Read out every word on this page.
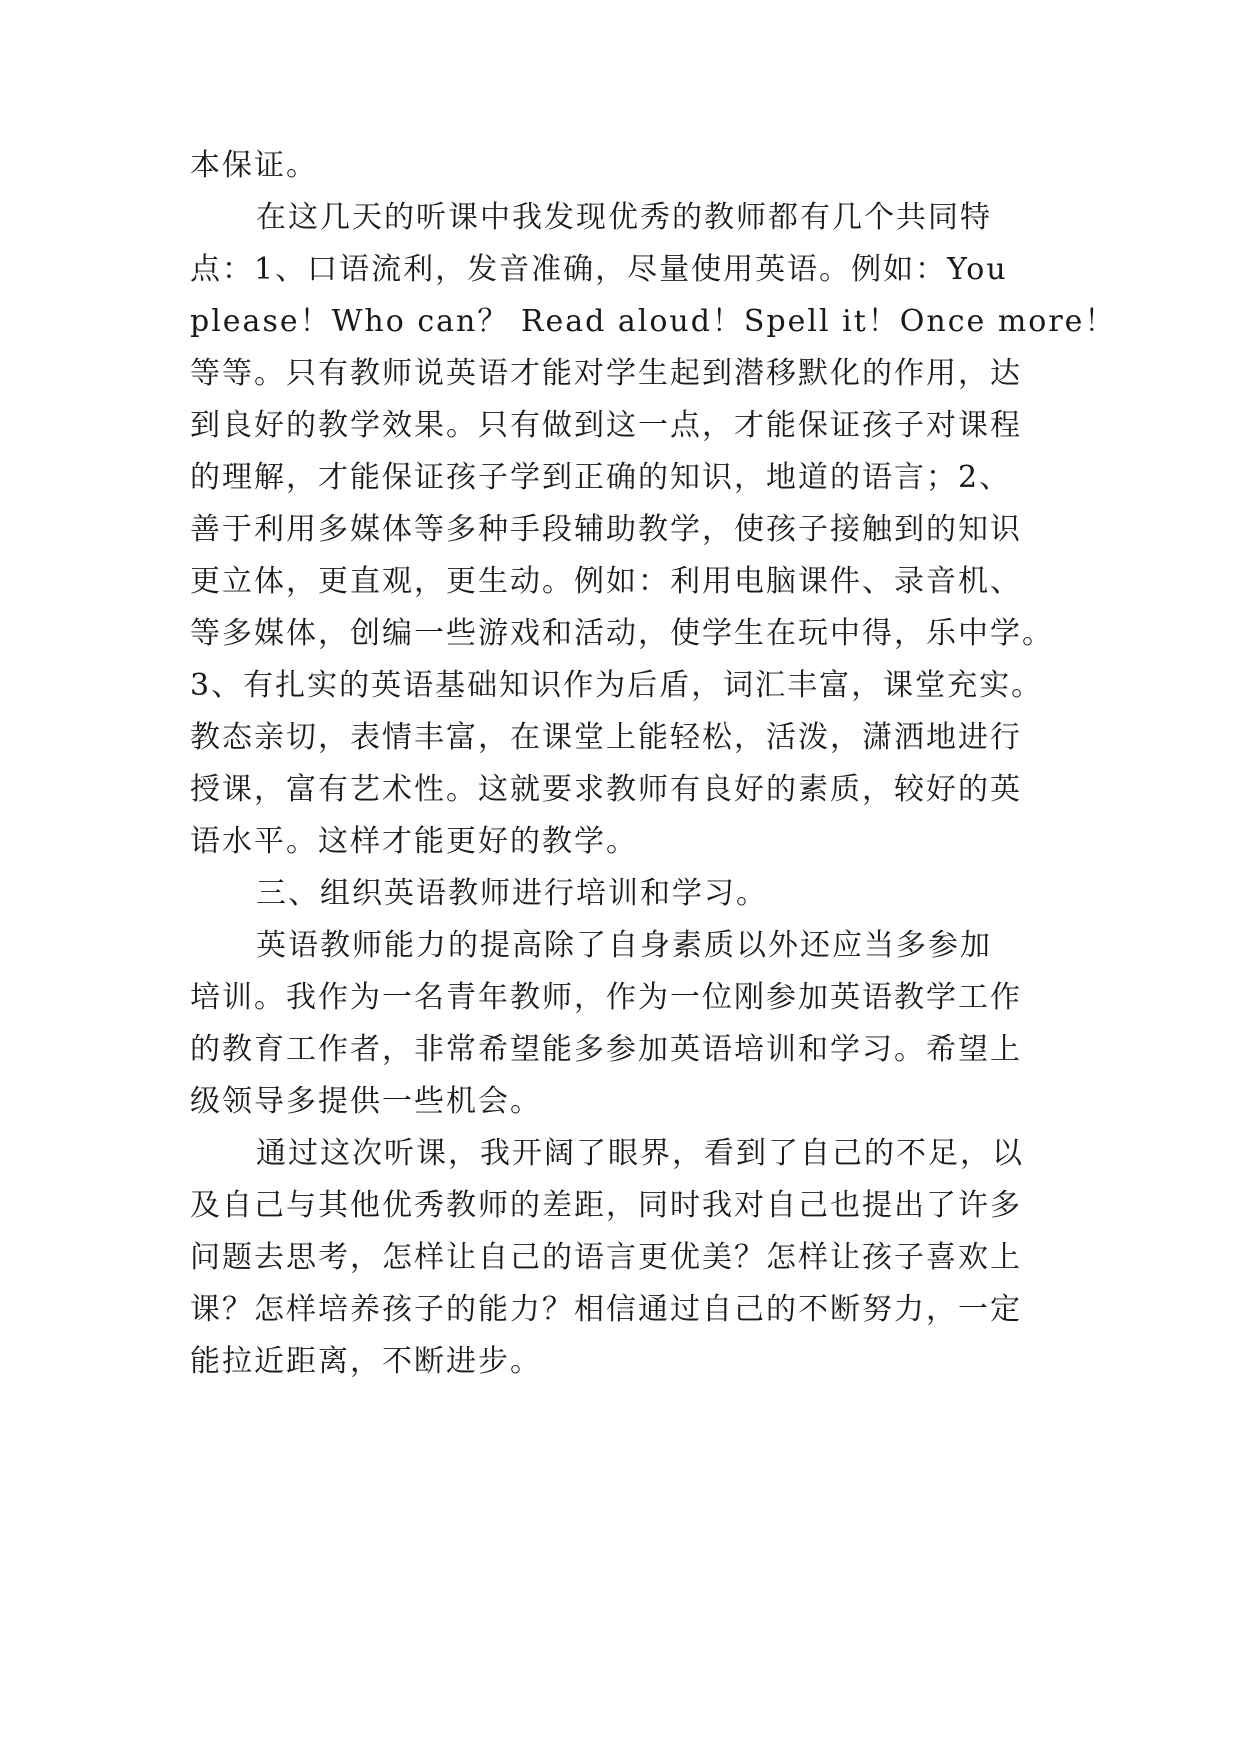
本保证。

在这几天的听课中我发现优秀的教师都有几个共同特

点：1、口语流利，发音准确，尽量使用英语。例如：You

please！Who can？ Read aloud！Spell it！Once more！

等等。只有教师说英语才能对学生起到潜移默化的作用，达

到良好的教学效果。只有做到这一点，才能保证孩子对课程

的理解，才能保证孩子学到正确的知识，地道的语言；2、

善于利用多媒体等多种手段辅助教学，使孩子接触到的知识

更立体，更直观，更生动。例如：利用电脑课件、录音机、

等多媒体，创编一些游戏和活动，使学生在玩中得，乐中学。

3、有扎实的英语基础知识作为后盾，词汇丰富，课堂充实。

教态亲切，表情丰富，在课堂上能轻松，活泼，潇洒地进行

授课，富有艺术性。这就要求教师有良好的素质，较好的英

语水平。这样才能更好的教学。

三、组织英语教师进行培训和学习。

英语教师能力的提高除了自身素质以外还应当多参加

培训。我作为一名青年教师，作为一位刚参加英语教学工作

的教育工作者，非常希望能多参加英语培训和学习。希望上

级领导多提供一些机会。

通过这次听课，我开阔了眼界，看到了自己的不足，以

及自己与其他优秀教师的差距，同时我对自己也提出了许多

问题去思考，怎样让自己的语言更优美？怎样让孩子喜欢上

课？怎样培养孩子的能力？相信通过自己的不断努力，一定

能拉近距离，不断进步。
